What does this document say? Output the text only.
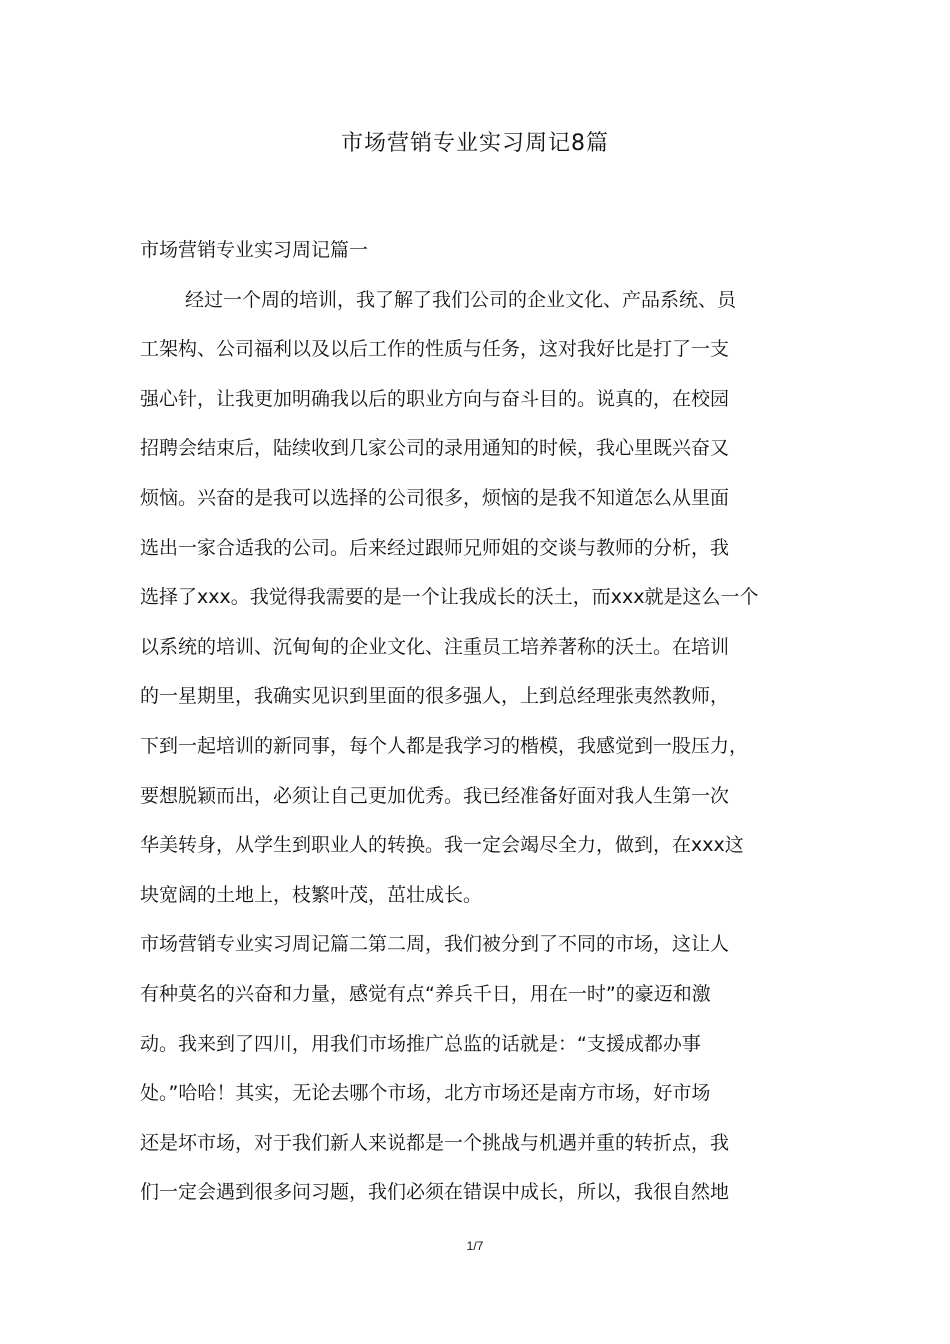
市场营销专业实习周记8篇
市场营销专业实习周记篇一
经过一个周的培训，我了解了我们公司的企业文化、产品系统、员
工架构、公司福利以及以后工作的性质与任务，这对我好比是打了一支
强心针，让我更加明确我以后的职业方向与奋斗目的。说真的，在校园
招聘会结束后，陆续收到几家公司的录用通知的时候，我心里既兴奋又
烦恼。兴奋的是我可以选择的公司很多，烦恼的是我不知道怎么从里面
选出一家合适我的公司。后来经过跟师兄师姐的交谈与教师的分析，我
选择了xxx。我觉得我需要的是一个让我成长的沃土，而xxx就是这么一个
以系统的培训、沉甸甸的企业文化、注重员工培养著称的沃土。在培训
的一星期里，我确实见识到里面的很多强人，上到总经理张夷然教师，
下到一起培训的新同事，每个人都是我学习的楷模，我感觉到一股压力，
要想脱颖而出，必须让自己更加优秀。我已经准备好面对我人生第一次
华美转身，从学生到职业人的转换。我一定会竭尽全力，做到，在xxx这
块宽阔的土地上，枝繁叶茂，茁壮成长。
市场营销专业实习周记篇二第二周，我们被分到了不同的市场，这让人
有种莫名的兴奋和力量，感觉有点“养兵千日，用在一时”的豪迈和激
动。我来到了四川，用我们市场推广总监的话就是：“支援成都办事
处。”哈哈！其实，无论去哪个市场，北方市场还是南方市场，好市场
还是坏市场，对于我们新人来说都是一个挑战与机遇并重的转折点，我
们一定会遇到很多问习题，我们必须在错误中成长，所以，我很自然地
1/7
